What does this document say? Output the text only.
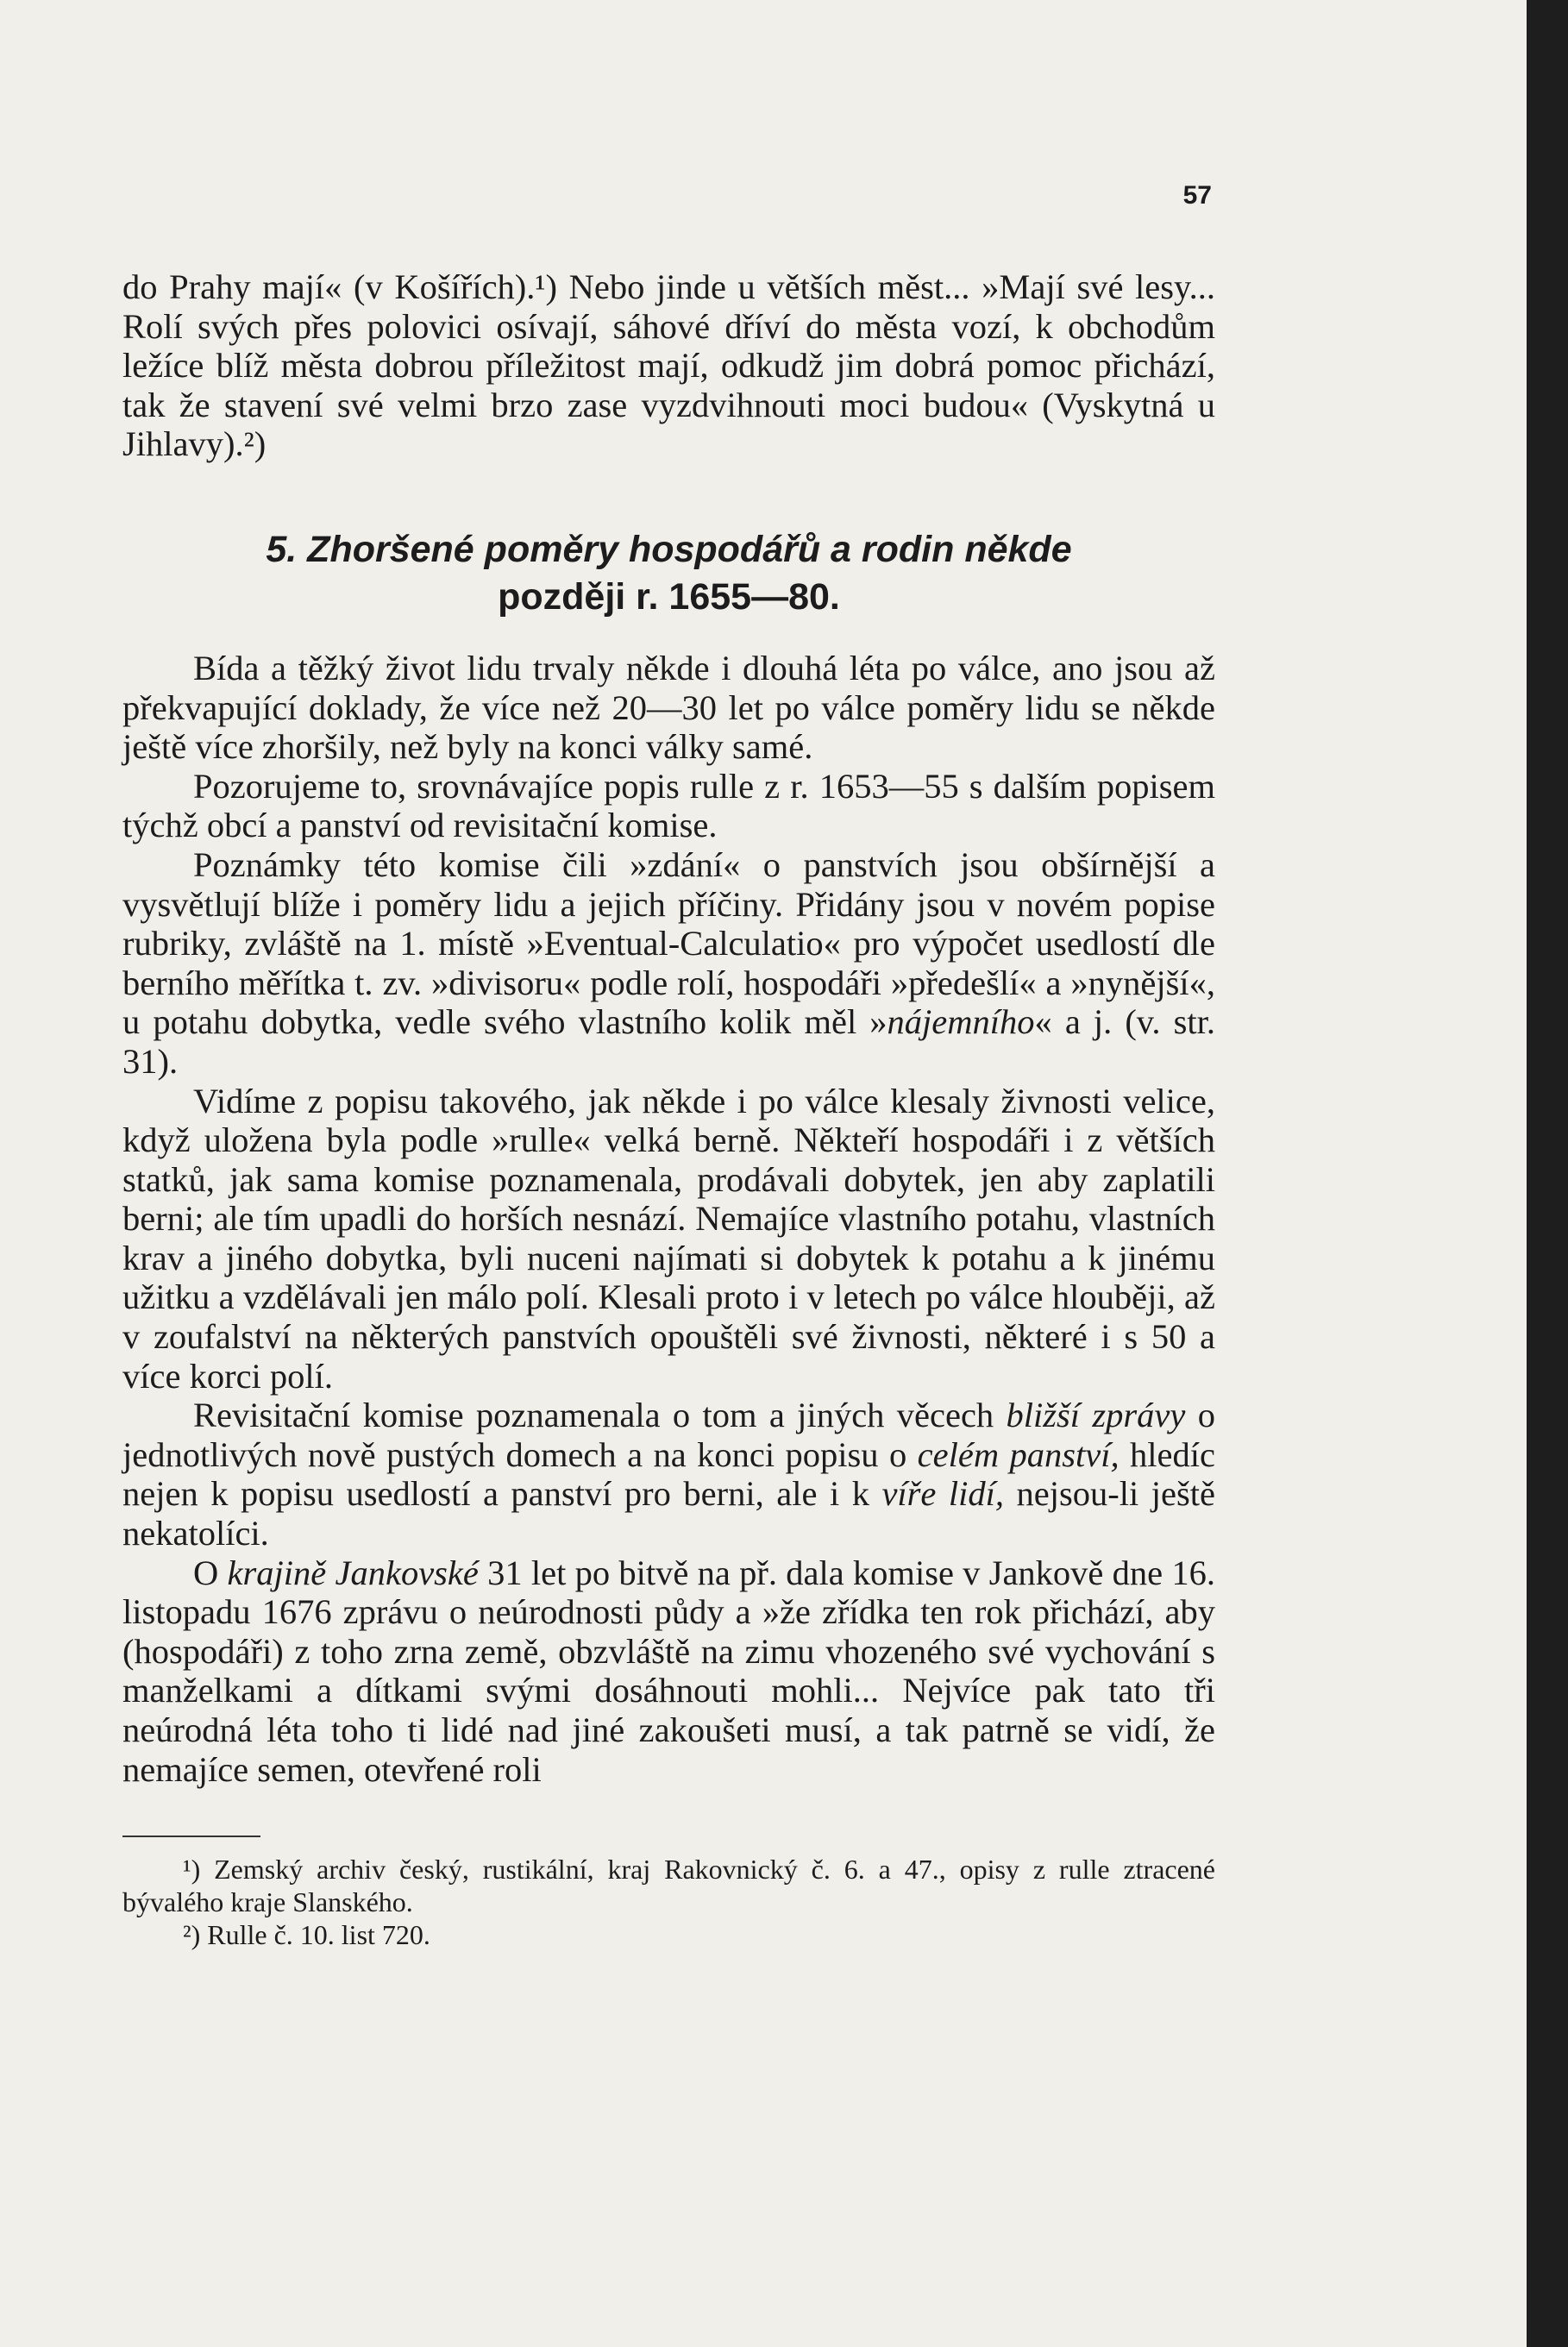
57

do Prahy mají« (v Košířích).¹) Nebo jinde u větších měst... »Mají své lesy... Rolí svých přes polovici osívají, sáhové dříví do města vozí, k obchodům ležíce blíž města dobrou příležitost mají, odkudž jim dobrá pomoc přichází, tak že stavení své velmi brzo zase vyzdvihnouti moci budou« (Vyskytná u Jihlavy).²)

5. Zhoršené poměry hospodářů a rodin někde
později r. 1655—80.

Bída a těžký život lidu trvaly někde i dlouhá léta po válce, ano jsou až překvapující doklady, že více než 20—30 let po válce poměry lidu se někde ještě více zhoršily, než byly na konci války samé.

Pozorujeme to, srovnávajíce popis rulle z r. 1653—55 s dalším popisem týchž obcí a panství od revisitační komise.

Poznámky této komise čili »zdání« o panstvích jsou obšírnější a vysvětlují blíže i poměry lidu a jejich příčiny. Přidány jsou v novém popise rubriky, zvláště na 1. místě »Eventual-Calculatio« pro výpočet usedlostí dle berního měřítka t. zv. »divisoru« podle rolí, hospodáři »předešlí« a »nynější«, u potahu dobytka, vedle svého vlastního kolik měl »nájemního« a j. (v. str. 31).

Vidíme z popisu takového, jak někde i po válce klesaly živnosti velice, když uložena byla podle »rulle« velká berně. Někteří hospodáři i z větších statků, jak sama komise poznamenala, prodávali dobytek, jen aby zaplatili berni; ale tím upadli do horších nesnází. Nemajíce vlastního potahu, vlastních krav a jiného dobytka, byli nuceni najímati si dobytek k potahu a k jinému užitku a vzdělávali jen málo polí. Klesali proto i v letech po válce hlouběji, až v zoufalství na některých panstvích opouštěli své živnosti, některé i s 50 a více korci polí.

Revisitační komise poznamenala o tom a jiných věcech bližší zprávy o jednotlivých nově pustých domech a na konci popisu o celém panství, hledíc nejen k popisu usedlostí a panství pro berni, ale i k víře lidí, nejsou-li ještě nekatolíci.

O krajině Jankovské 31 let po bitvě na př. dala komise v Jankově dne 16. listopadu 1676 zprávu o neúrodnosti půdy a »že zřídka ten rok přichází, aby (hospodáři) z toho zrna země, obzvláště na zimu vhozeného své vychování s manželkami a dítkami svými dosáhnouti mohli... Nejvíce pak tato tři neúrodná léta toho ti lidé nad jiné zakoušeti musí, a tak patrně se vidí, že nemajíce semen, otevřené roli

¹) Zemský archiv český, rustikální, kraj Rakovnický č. 6. a 47., opisy z rulle ztracené bývalého kraje Slanského.

²) Rulle č. 10. list 720.
